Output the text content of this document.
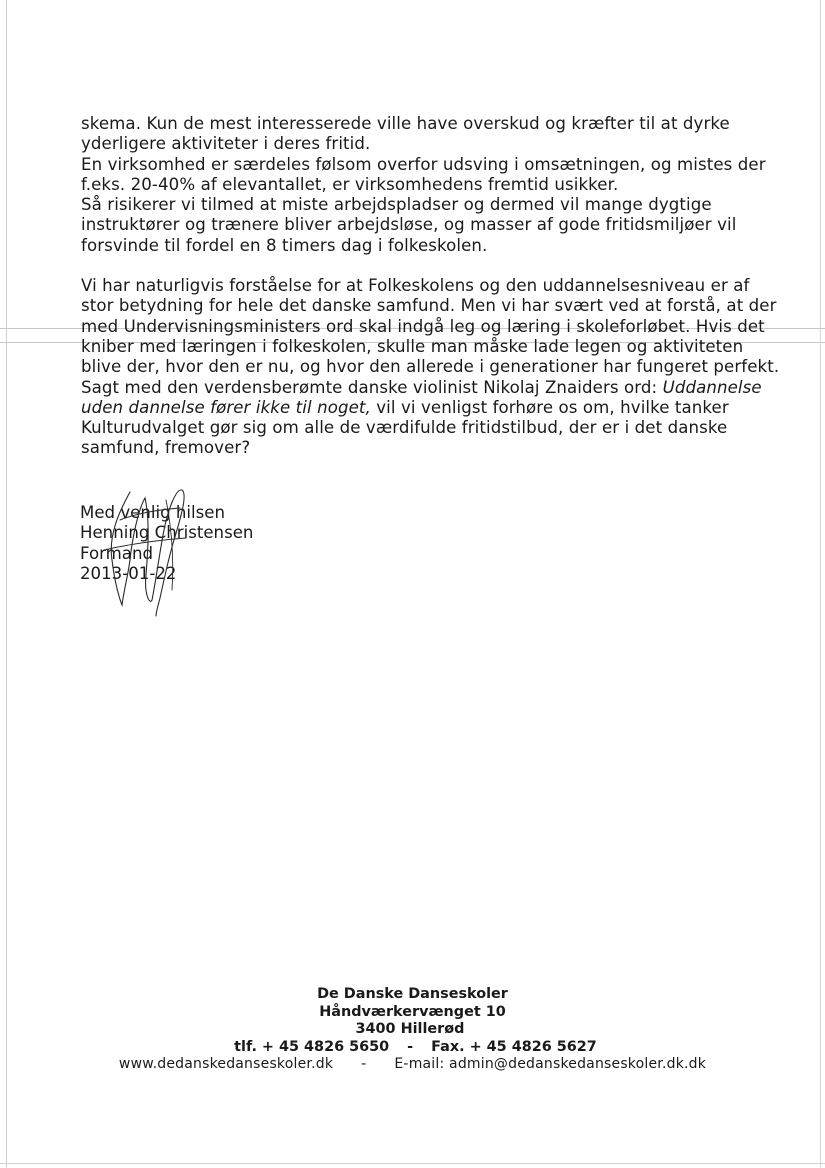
skema. Kun de mest interesserede ville have overskud og kræfter til at dyrke yderligere aktiviteter i deres fritid.

En virksomhed er særdeles følsom overfor udsving i omsætningen, og mistes der f.eks. 20-40% af elevantallet, er virksomhedens fremtid usikker.

Så risikerer vi tilmed at miste arbejdspladser og dermed vil mange dygtige instruktører og trænere bliver arbejdsløse, og masser af gode fritidsmiljøer vil forsvinde til fordel en 8 timers dag i folkeskolen.

Vi har naturligvis forståelse for at Folkeskolens og den uddannelsesniveau er af stor betydning for hele det danske samfund. Men vi har svært ved at forstå, at der med Undervisningsministers ord skal indgå leg og læring i skoleforløbet. Hvis det kniber med læringen i folkeskolen, skulle man måske lade legen og aktiviteten blive der, hvor den er nu, og hvor den allerede i generationer har fungeret perfekt. Sagt med den verdensberømte danske violinist Nikolaj Znaiders ord: Uddannelse uden dannelse fører ikke til noget, vil vi venligst forhøre os om, hvilke tanker Kulturudvalget gør sig om alle de værdifulde fritidstilbud, der er i det danske samfund, fremover?

Med venlig hilsen
Henning Christensen
Formand
2013-01-22
De Danske Danseskoler
Håndværkervænget 10
3400 Hillerød
tlf. + 45 4826 5650 - Fax. + 45 4826 5627
www.dedanskedanseskoler.dk - E-mail: admin@dedanskedanseskoler.dk.dk
